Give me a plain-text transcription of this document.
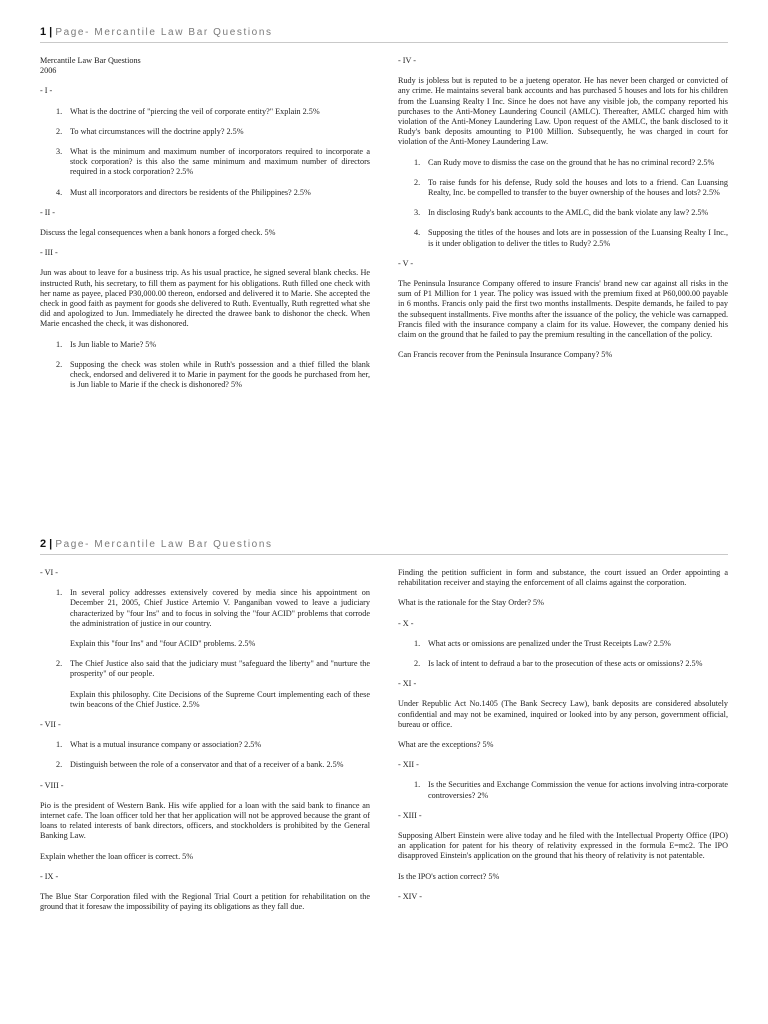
1 | Page- Mercantile Law Bar Questions
Mercantile Law Bar Questions
2006
- I -
1. What is the doctrine of "piercing the veil of corporate entity?" Explain 2.5%
2. To what circumstances will the doctrine apply? 2.5%
3. What is the minimum and maximum number of incorporators required to incorporate a stock corporation? is this also the same minimum and maximum number of directors required in a stock corporation? 2.5%
4. Must all incorporators and directors be residents of the Philippines? 2.5%
- II -

Discuss the legal consequences when a bank honors a forged check. 5%

- III -

Jun was about to leave for a business trip. As his usual practice, he signed several blank checks. He instructed Ruth, his secretary, to fill them as payment for his obligations. Ruth filled one check with her name as payee, placed P30,000.00 thereon, endorsed and delivered it to Marie. She accepted the check in good faith as payment for goods she delivered to Ruth. Eventually, Ruth regretted what she did and apologized to Jun. Immediately he directed the drawee bank to dishonor the check. When Marie encashed the check, it was dishonored.

1. Is Jun liable to Marie? 5%
2. Supposing the check was stolen while in Ruth's possession and a thief filled the blank check, endorsed and delivered it to Marie in payment for the goods he purchased from her, is Jun liable to Marie if the check is dishonored? 5%
- IV -

Rudy is jobless but is reputed to be a jueteng operator. He has never been charged or convicted of any crime. He maintains several bank accounts and has purchased 5 houses and lots for his children from the Luansing Realty I Inc. Since he does not have any visible job, the company reported his purchases to the Anti-Money Laundering Council (AMLC). Thereafter, AMLC charged him with violation of the Anti-Money Laundering Law. Upon request of the AMLC, the bank disclosed to it Rudy's bank deposits amounting to P100 Million. Subsequently, he was charged in court for violation of the Anti-Money Laundering Law.

1. Can Rudy move to dismiss the case on the ground that he has no criminal record? 2.5%
2. To raise funds for his defense, Rudy sold the houses and lots to a friend. Can Luansing Realty, Inc. be compelled to transfer to the buyer ownership of the houses and lots? 2.5%
3. In disclosing Rudy's bank accounts to the AMLC, did the bank violate any law? 2.5%
4. Supposing the titles of the houses and lots are in possession of the Luansing Realty I Inc., is it under obligation to deliver the titles to Rudy? 2.5%
- V -

The Peninsula Insurance Company offered to insure Francis' brand new car against all risks in the sum of P1 Million for 1 year. The policy was issued with the premium fixed at P60,000.00 payable in 6 months. Francis only paid the first two months installments. Despite demands, he failed to pay the subsequent installments. Five months after the issuance of the policy, the vehicle was carnapped. Francis filed with the insurance company a claim for its value. However, the company denied his claim on the ground that he failed to pay the premium resulting in the cancellation of the policy.

Can Francis recover from the Peninsula Insurance Company? 5%

2 | Page- Mercantile Law Bar Questions
- VI -
1. In several policy addresses extensively covered by media since his appointment on December 21, 2005, Chief Justice Artemio V. Panganiban vowed to leave a judiciary characterized by "four Ins" and to focus in solving the "four ACID" problems that corrode the administration of justice in our country.
Explain this "four Ins" and "four ACID" problems. 2.5%
2. The Chief Justice also said that the judiciary must "safeguard the liberty" and "nurture the prosperity" of our people.
Explain this philosophy. Cite Decisions of the Supreme Court implementing each of these twin beacons of the Chief Justice. 2.5%
- VII -
1. What is a mutual insurance company or association? 2.5%
2. Distinguish between the role of a conservator and that of a receiver of a bank. 2.5%
- VIII -

Pio is the president of Western Bank. His wife applied for a loan with the said bank to finance an internet cafe. The loan officer told her that her application will not be approved because the grant of loans to related interests of bank directors, officers, and stockholders is prohibited by the General Banking Law.

Explain whether the loan officer is correct. 5%

- IX -

The Blue Star Corporation filed with the Regional Trial Court a petition for rehabilitation on the ground that it foresaw the impossibility of paying its obligations as they fall due.

Finding the petition sufficient in form and substance, the court issued an Order appointing a rehabilitation receiver and staying the enforcement of all claims against the corporation.

What is the rationale for the Stay Order? 5%

- X -
1. What acts or omissions are penalized under the Trust Receipts Law? 2.5%
2. Is lack of intent to defraud a bar to the prosecution of these acts or omissions? 2.5%
- XI -

Under Republic Act No.1405 (The Bank Secrecy Law), bank deposits are considered absolutely confidential and may not be examined, inquired or looked into by any person, government official, bureau or office.

What are the exceptions? 5%

- XII -
1. Is the Securities and Exchange Commission the venue for actions involving intra-corporate controversies? 2%
- XIII -

Supposing Albert Einstein were alive today and he filed with the Intellectual Property Office (IPO) an application for patent for his theory of relativity expressed in the formula E=mc2. The IPO disapproved Einstein's application on the ground that his theory of relativity is not patentable.

Is the IPO's action correct? 5%

- XIV -
